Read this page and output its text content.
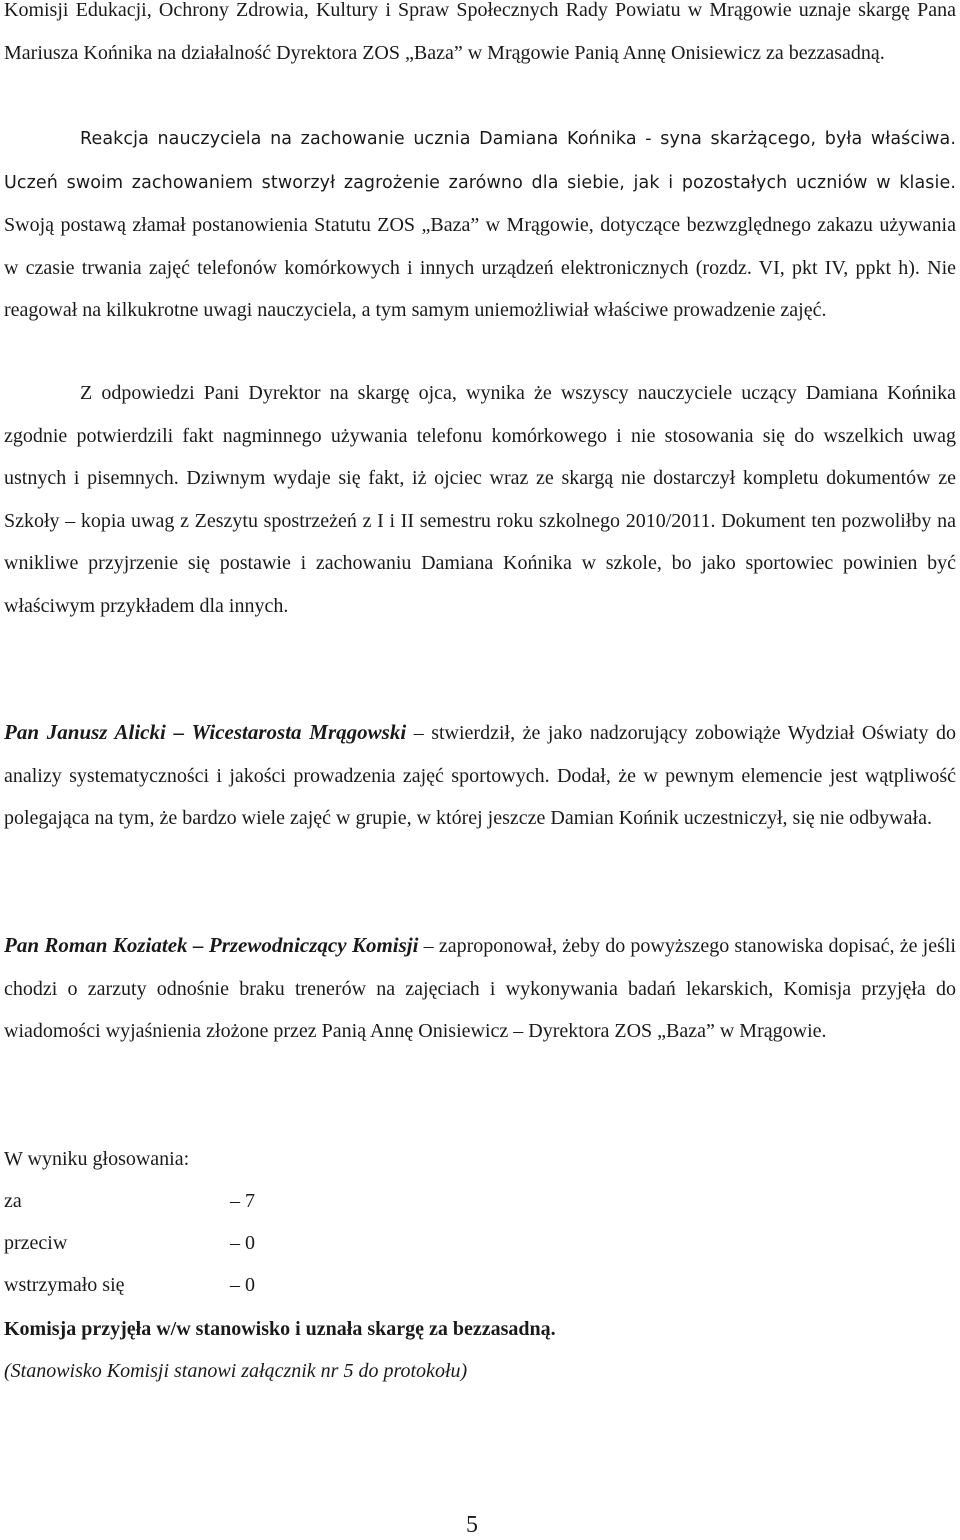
Komisji Edukacji, Ochrony Zdrowia, Kultury i Spraw Społecznych Rady Powiatu w Mrągowie uznaje skargę Pana Mariusza Końnika na działalność Dyrektora ZOS „Baza” w Mrągowie Panią Annę Onisiewicz za bezzasadną.

Reakcja nauczyciela na zachowanie ucznia Damiana Końnika - syna skarżącego, była właściwa. Uczeń swoim zachowaniem stworzył zagrożenie zarówno dla siebie, jak i pozostałych uczniów w klasie. Swoją postawą złamał postanowienia Statutu ZOS „Baza” w Mrągowie, dotyczące bezwzględnego zakazu używania w czasie trwania zajęć telefonów komórkowych i innych urządzeń elektronicznych (rozdz. VI, pkt IV, ppkt h). Nie reagował na kilkukrotne uwagi nauczyciela, a tym samym uniemożliwiał właściwe prowadzenie zajęć.

Z odpowiedzi Pani Dyrektor na skargę ojca, wynika że wszyscy nauczyciele uczący Damiana Końnika zgodnie potwierdzili fakt nagminnego używania telefonu komórkowego i nie stosowania się do wszelkich uwag ustnych i pisemnych. Dziwnym wydaje się fakt, iż ojciec wraz ze skargą nie dostarczył kompletu dokumentów ze Szkoły – kopia uwag z Zeszytu spostrzeżeń z I i II semestru roku szkolnego 2010/2011. Dokument ten pozwoliłby na wnikliwe przyjrzenie się postawie i zachowaniu Damiana Końnika w szkole, bo jako sportowiec powinien być właściwym przykładem dla innych.

Pan Janusz Alicki – Wicestarosta Mrągowski – stwierdził, że jako nadzorujący zobowiąże Wydział Oświaty do analizy systematyczności i jakości prowadzenia zajęć sportowych. Dodał, że w pewnym elemencie jest wątpliwość polegająca na tym, że bardzo wiele zajęć w grupie, w której jeszcze Damian Końnik uczestniczył, się nie odbywała.

Pan Roman Koziatek – Przewodniczący Komisji – zaproponował, żeby do powyższego stanowiska dopisać, że jeśli chodzi o zarzuty odnośnie braku trenerów na zajęciach i wykonywania badań lekarskich, Komisja przyjęła do wiadomości wyjaśnienia złożone przez Panią Annę Onisiewicz – Dyrektora ZOS „Baza” w Mrągowie.

W wyniku głosowania:
za	– 7
przeciw	– 0
wstrzymało się	– 0
Komisja przyjęła w/w stanowisko i uznała skargę za bezzasadną.
(Stanowisko Komisji stanowi załącznik nr 5 do protokołu)
5
